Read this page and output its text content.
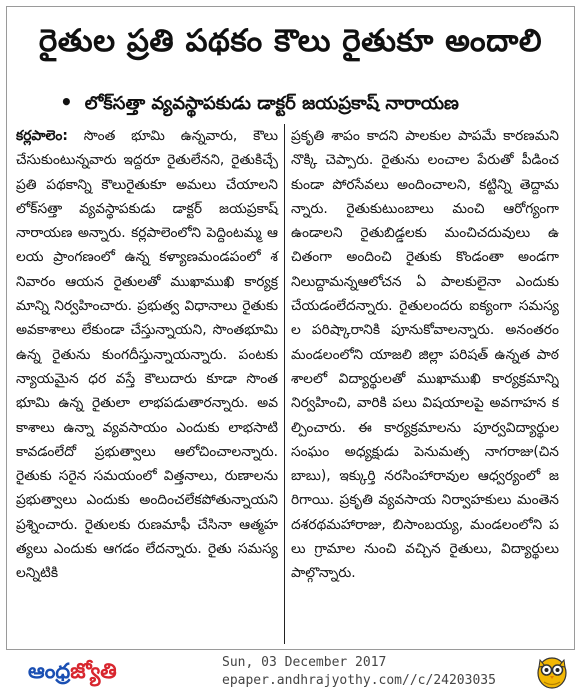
రైతుల ప్రతి పథకం కౌలు రైతుకూ అందాలి
• లోక్‌సత్తా వ్యవస్థాపకుడు డాక్టర్ జయప్రకాష్ నారాయణ
కర్లపాలెం: సొంత భూమి ఉన్నవారు, కౌలు చేసుకుంటున్నవారు ఇద్దరూ రైతులేనని, రైతుకిచ్చే ప్రతి పథకాన్ని కౌలురైతుకూ అమలు చేయాలని లోక్‌సత్తా వ్యవస్థాపకుడు డాక్టర్ జయప్రకాష్ నారాయణ అన్నారు. కర్లపాలెంలోని పెద్దింటమ్మ ఆలయ ప్రాంగణంలో ఉన్న కళ్యాణమండపంలో శనివారం ఆయన రైతులతో ముఖాముఖి కార్యక్రమాన్ని నిర్వహించారు. ప్రభుత్వ విధానాలు రైతుకు అవకాశాలు లేకుండా చేస్తున్నాయని, సొంతభూమి ఉన్న రైతును కుంగదీస్తున్నాయన్నారు. పంటకు న్యాయమైన ధర వస్తే కౌలుదారు కూడా సొంతభూమి ఉన్న రైతులా లాభపడుతారన్నారు. అవకాశాలు ఉన్నా వ్యవసాయం ఎందుకు లాభసాటి కావడంలేదో ప్రభుత్వాలు ఆలోచించాలన్నారు. రైతుకు సరైన సమయంలో విత్తనాలు, రుణాలను ప్రభుత్వాలు ఎందుకు అందించలేకపోతున్నాయని ప్రశ్నించారు. రైతులకు రుణమాఫీ చేసినా ఆత్మహత్యలు ఎందుకు ఆగడం లేదన్నారు. రైతు సమస్యలన్నిటికి
ప్రకృతి శాపం కాదని పాలకుల పాపమే కారణమని నొక్కి చెప్పారు. రైతును లంచాల పేరుతో పీడించకుండా పోరసేవలు అందించాలని, కట్టిన్ని తెద్దామన్నారు. రైతుకుటుంబాలు మంచి ఆరోగ్యంగా ఉండాలని రైతుబిడ్డలకు మంచిచదువులు ఉచితంగా అందించి రైతుకు కొండంతా అండగా నిలుద్దామన్నఆలోచన ఏ పాలకులైనా ఎందుకు చేయడంలేదన్నారు. రైతులందరు ఐక్యంగా సమస్యల పరిష్కారానికి పూనుకోవాలన్నారు. అనంతరం మండలంలోని యాజలి జిల్లా పరిషత్ ఉన్నత పాఠశాలలో విద్యార్థులతో ముఖాముఖి కార్యక్రమాన్ని నిర్వహించి, వారికి పలు విషయాలపై అవగాహన కల్పించారు. ఈ కార్యక్రమాలను పూర్వవిద్యార్థుల సంఘం అధ్యక్షుడు పెనుమత్స నాగరాజు(చినబాబు), ఇక్కుర్తి నరసింహారావుల ఆధ్వర్యంలో జరిగాయి. ప్రకృతి వ్యవసాయ నిర్వాహకులు మంతెన దశరథమహారాజు, బిసాంబయ్య, మండలంలోని పలు గ్రామాల నుంచి వచ్చిన రైతులు, విద్యార్థులు పాల్గొన్నారు.
ఆంధ్రజ్యోతి	Sun, 03 December 2017
epaper.andhrajyothy.com//c/24203035
